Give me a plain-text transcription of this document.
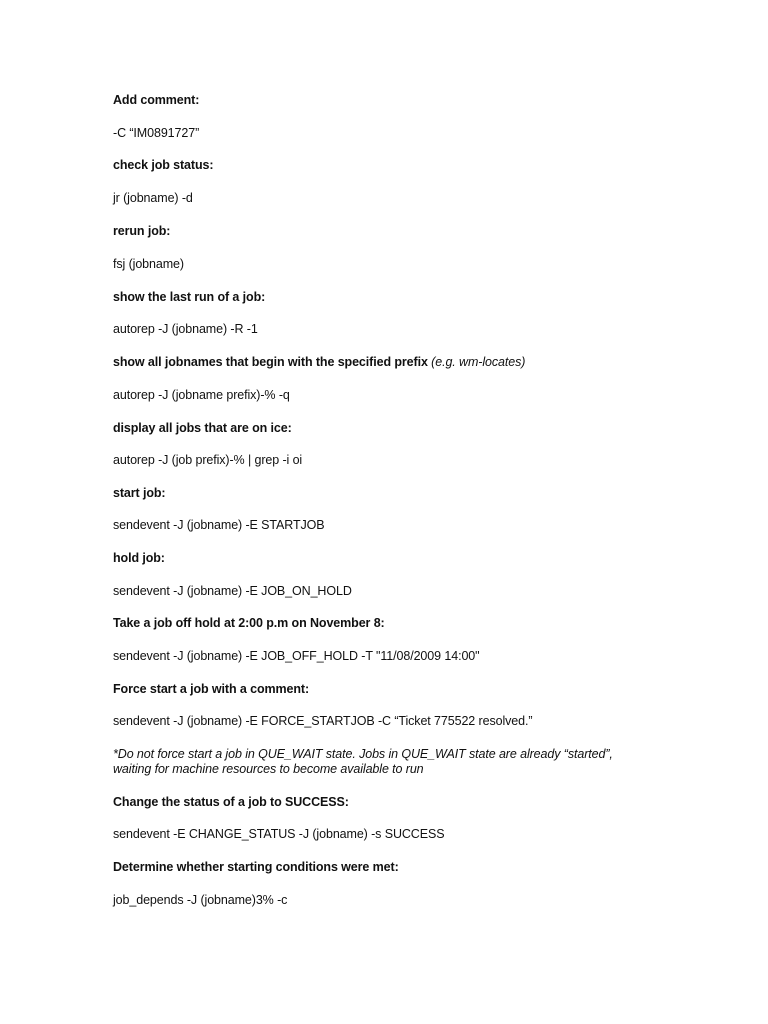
Add comment:
-C “IM0891727”
check job status:
jr (jobname) -d
rerun job:
fsj (jobname)
show the last run of a job:
autorep -J (jobname) -R -1
show all jobnames that begin with the specified prefix (e.g. wm-locates)
autorep -J (jobname prefix)-% -q
display all jobs that are on ice:
autorep -J (job prefix)-% | grep -i oi
start job:
sendevent -J (jobname) -E STARTJOB
hold job:
sendevent -J (jobname) -E JOB_ON_HOLD
Take a job off hold at 2:00 p.m on November 8:
sendevent -J (jobname) -E JOB_OFF_HOLD -T "11/08/2009 14:00"
Force start a job with a comment:
sendevent -J (jobname) -E FORCE_STARTJOB -C “Ticket 775522 resolved.”
*Do not force start a job in QUE_WAIT state. Jobs in QUE_WAIT state are already “started”, waiting for machine resources to become available to run
Change the status of a job to SUCCESS:
sendevent -E CHANGE_STATUS -J (jobname) -s SUCCESS
Determine whether starting conditions were met:
job_depends -J (jobname)3% -c
